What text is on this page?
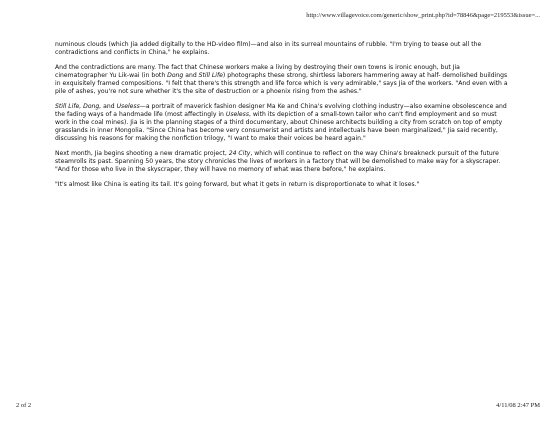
http://www.villagevoice.com/generic/show_print.php?id=78846&page=219553&issue=...

numinous clouds (which Jia added digitally to the HD-video film)—and also in its surreal mountains of rubble. "I'm trying to tease out all the contradictions and conflicts in China," he explains.

And the contradictions are many. The fact that Chinese workers make a living by destroying their own towns is ironic enough, but Jia cinematographer Yu Lik-wai (in both Dong and Still Life) photographs these strong, shirtless laborers hammering away at half- demolished buildings in exquisitely framed compositions. "I felt that there's this strength and life force which is very admirable," says Jia of the workers. "And even with a pile of ashes, you're not sure whether it's the site of destruction or a phoenix rising from the ashes."

Still Life, Dong, and Useless—a portrait of maverick fashion designer Ma Ke and China's evolving clothing industry—also examine obsolescence and the fading ways of a handmade life (most affectingly in Useless, with its depiction of a small-town tailor who can't find employment and so must work in the coal mines). Jia is in the planning stages of a third documentary, about Chinese architects building a city from scratch on top of empty grasslands in inner Mongolia. "Since China has become very consumerist and artists and intellectuals have been marginalized," Jia said recently, discussing his reasons for making the nonfiction trilogy, "I want to make their voices be heard again."

Next month, Jia begins shooting a new dramatic project, 24 City, which will continue to reflect on the way China's breakneck pursuit of the future steamrolls its past. Spanning 50 years, the story chronicles the lives of workers in a factory that will be demolished to make way for a skyscraper. "And for those who live in the skyscraper, they will have no memory of what was there before," he explains.

"It's almost like China is eating its tail. It's going forward, but what it gets in return is disproportionate to what it loses."

2 of 2	4/11/08 2:47 PM
